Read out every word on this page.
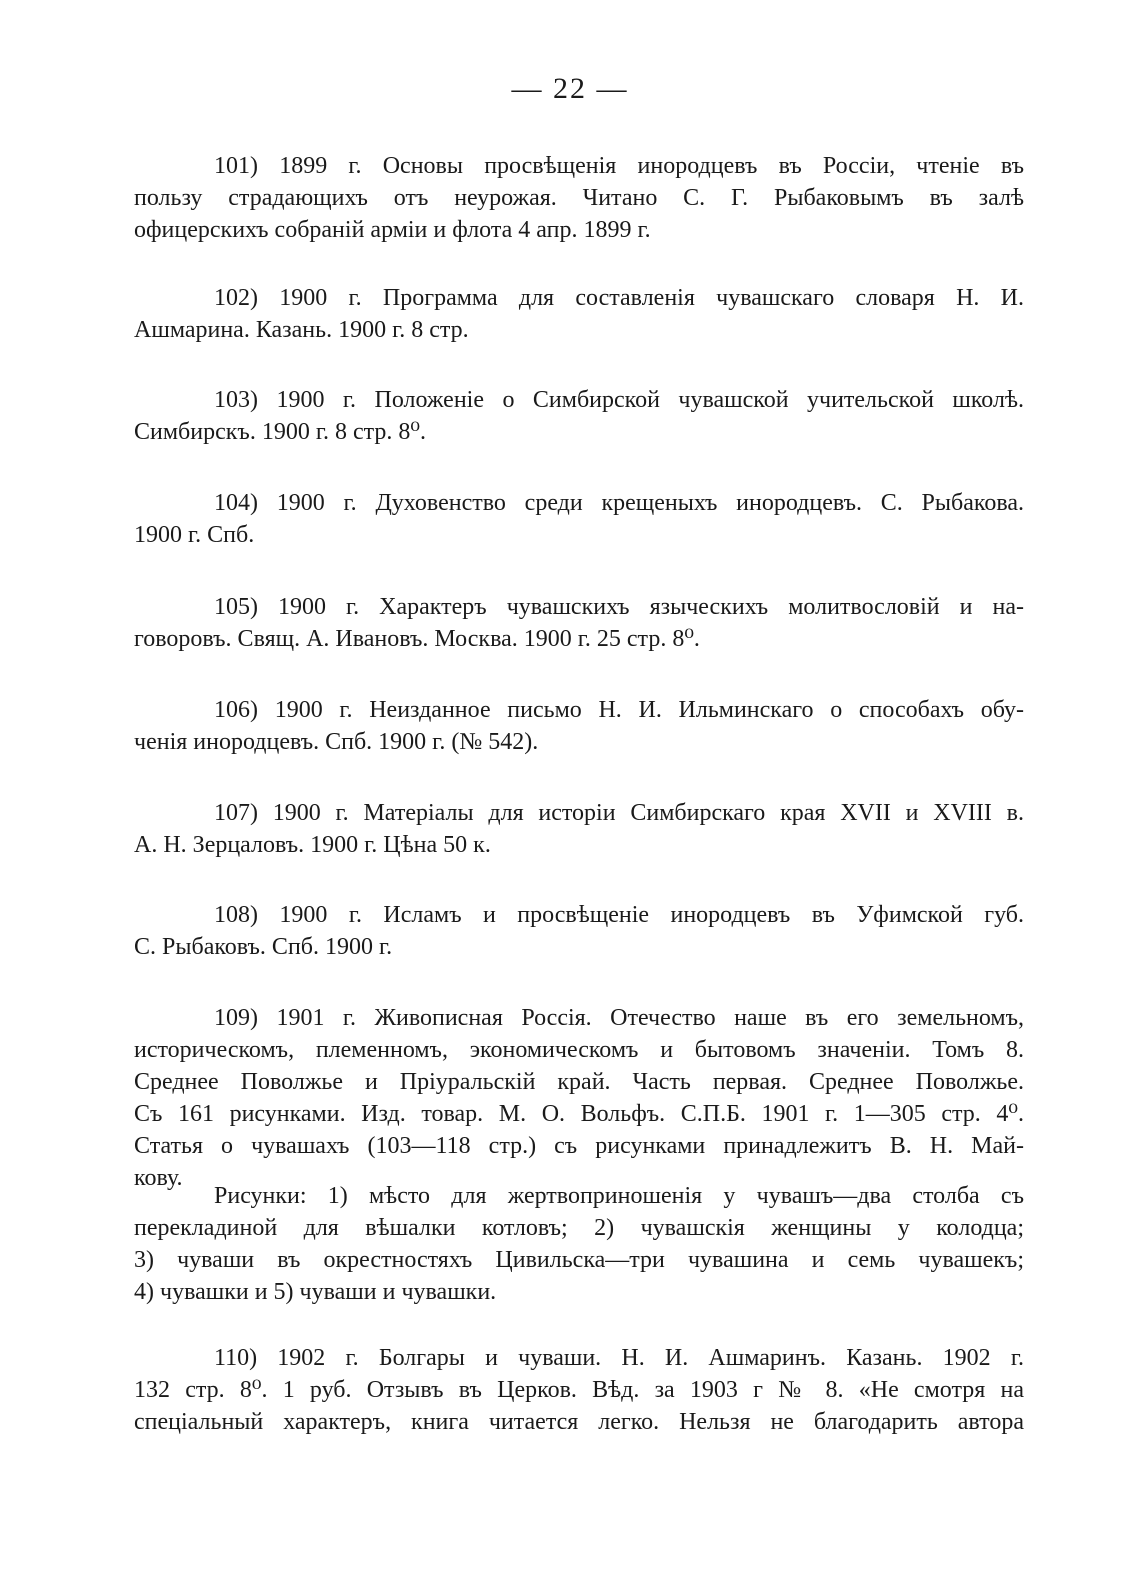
— 22 —
101) 1899 г. Основы просвѣщенія инородцевъ въ Россіи, чтеніе въ
пользу страдающихъ отъ неурожая. Читано С. Г. Рыбаковымъ въ залѣ
офицерскихъ собраній арміи и флота 4 апр. 1899 г.
102) 1900 г. Программа для составленія чувашскаго словаря Н. И.
Ашмарина. Казань. 1900 г. 8 стр.
103) 1900 г. Положеніе о Симбирской чувашской учительской школѣ.
Симбирскъ. 1900 г. 8 стр. 8⁰.
104) 1900 г. Духовенство среди крещеныхъ инородцевъ. С. Рыбакова.
1900 г. Спб.
105) 1900 г. Характеръ чувашскихъ языческихъ молитвословій и на-
говоровъ. Свящ. А. Ивановъ. Москва. 1900 г. 25 стр. 8⁰.
106) 1900 г. Неизданное письмо Н. И. Ильминскаго о способахъ обу-
ченія инородцевъ. Спб. 1900 г. (№ 542).
107) 1900 г. Матеріалы для исторіи Симбирскаго края XVII и XVIII в.
А. Н. Зерцаловъ. 1900 г. Цѣна 50 к.
108) 1900 г. Исламъ и просвѣщеніе инородцевъ въ Уфимской губ.
С. Рыбаковъ. Спб. 1900 г.
109) 1901 г. Живописная Россія. Отечество наше въ его земельномъ,
историческомъ, племенномъ, экономическомъ и бытовомъ значеніи. Томъ 8.
Среднее Поволжье и Пріуральскій край. Часть первая. Среднее Поволжье.
Съ 161 рисунками. Изд. товар. М. О. Вольфъ. С.П.Б. 1901 г. 1—305 стр. 4⁰.
Статья о чувашахъ (103—118 стр.) съ рисунками принадлежитъ В. Н. Май-
кову.
Рисунки: 1) мѣсто для жертвоприношенія у чувашъ—два столба съ
перекладиной для вѣшалки котловъ; 2) чувашскія женщины у колодца;
3) чуваши въ окрестностяхъ Цивильска—три чувашина и семь чувашекъ;
4) чувашки и 5) чуваши и чувашки.
110) 1902 г. Болгары и чуваши. Н. И. Ашмаринъ. Казань. 1902 г.
132 стр. 8⁰. 1 руб. Отзывъ въ Церков. Вѣд. за 1903 г № 8. «Не смотря на
спеціальный характеръ, книга читается легко. Нельзя не благодарить автора
